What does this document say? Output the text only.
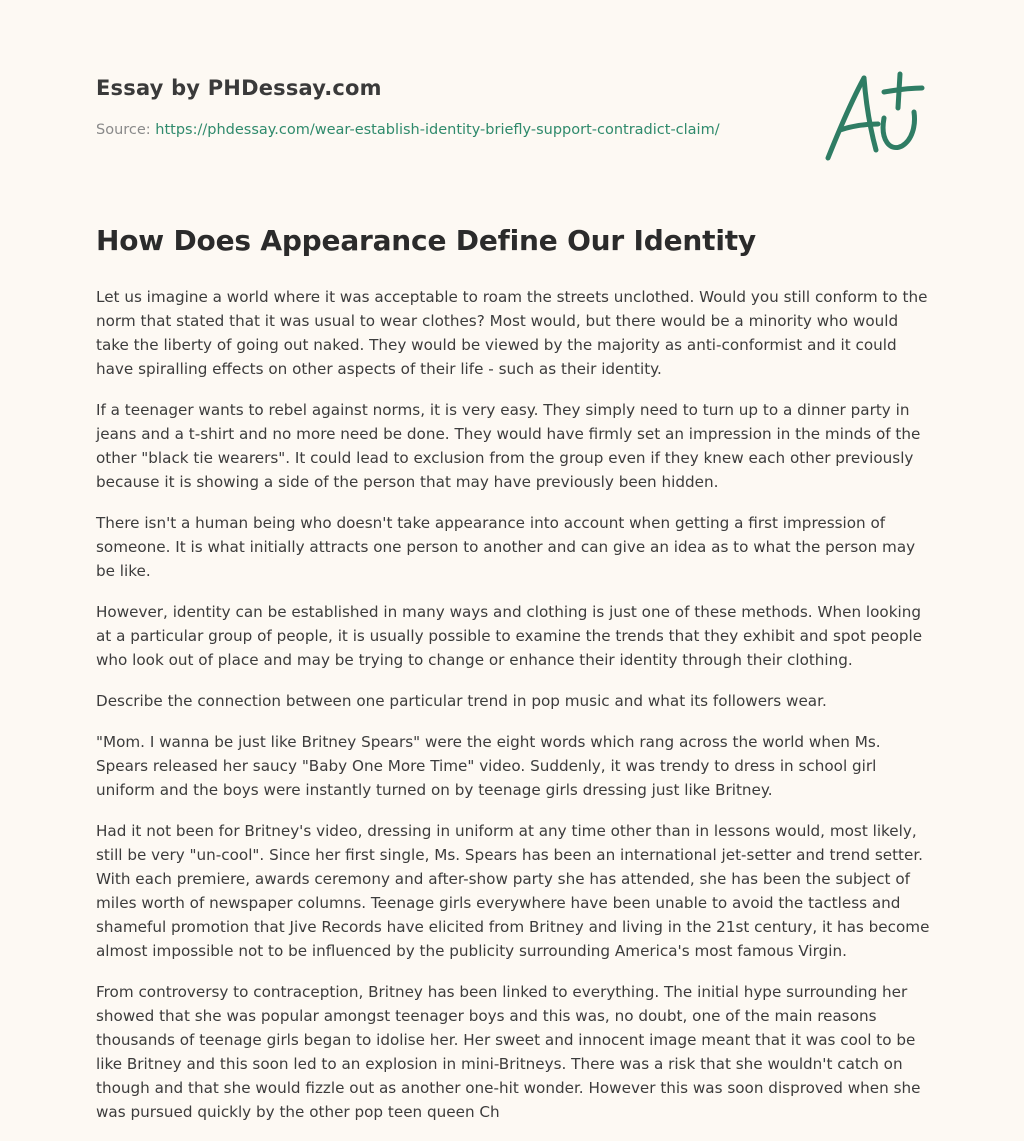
Essay by PHDessay.com
Source: https://phdessay.com/wear-establish-identity-briefly-support-contradict-claim/
How Does Appearance Define Our Identity

Let us imagine a world where it was acceptable to roam the streets unclothed. Would you still conform to the norm that stated that it was usual to wear clothes? Most would, but there would be a minority who would take the liberty of going out naked. They would be viewed by the majority as anti-conformist and it could have spiralling effects on other aspects of their life - such as their identity.

If a teenager wants to rebel against norms, it is very easy. They simply need to turn up to a dinner party in jeans and a t-shirt and no more need be done. They would have firmly set an impression in the minds of the other "black tie wearers". It could lead to exclusion from the group even if they knew each other previously because it is showing a side of the person that may have previously been hidden.

There isn't a human being who doesn't take appearance into account when getting a first impression of someone. It is what initially attracts one person to another and can give an idea as to what the person may be like.

However, identity can be established in many ways and clothing is just one of these methods. When looking at a particular group of people, it is usually possible to examine the trends that they exhibit and spot people who look out of place and may be trying to change or enhance their identity through their clothing.

Describe the connection between one particular trend in pop music and what its followers wear.

"Mom. I wanna be just like Britney Spears" were the eight words which rang across the world when Ms. Spears released her saucy "Baby One More Time" video. Suddenly, it was trendy to dress in school girl uniform and the boys were instantly turned on by teenage girls dressing just like Britney.

Had it not been for Britney's video, dressing in uniform at any time other than in lessons would, most likely, still be very "un-cool". Since her first single, Ms. Spears has been an international jet-setter and trend setter. With each premiere, awards ceremony and after-show party she has attended, she has been the subject of miles worth of newspaper columns. Teenage girls everywhere have been unable to avoid the tactless and shameful promotion that Jive Records have elicited from Britney and living in the 21st century, it has become almost impossible not to be influenced by the publicity surrounding America's most famous Virgin.

From controversy to contraception, Britney has been linked to everything. The initial hype surrounding her showed that she was popular amongst teenager boys and this was, no doubt, one of the main reasons thousands of teenage girls began to idolise her. Her sweet and innocent image meant that it was cool to be like Britney and this soon led to an explosion in mini-Britneys. There was a risk that she wouldn't catch on though and that she would fizzle out as another one-hit wonder. However this was soon disproved when she was pursued quickly by the other pop teen queen Ch
